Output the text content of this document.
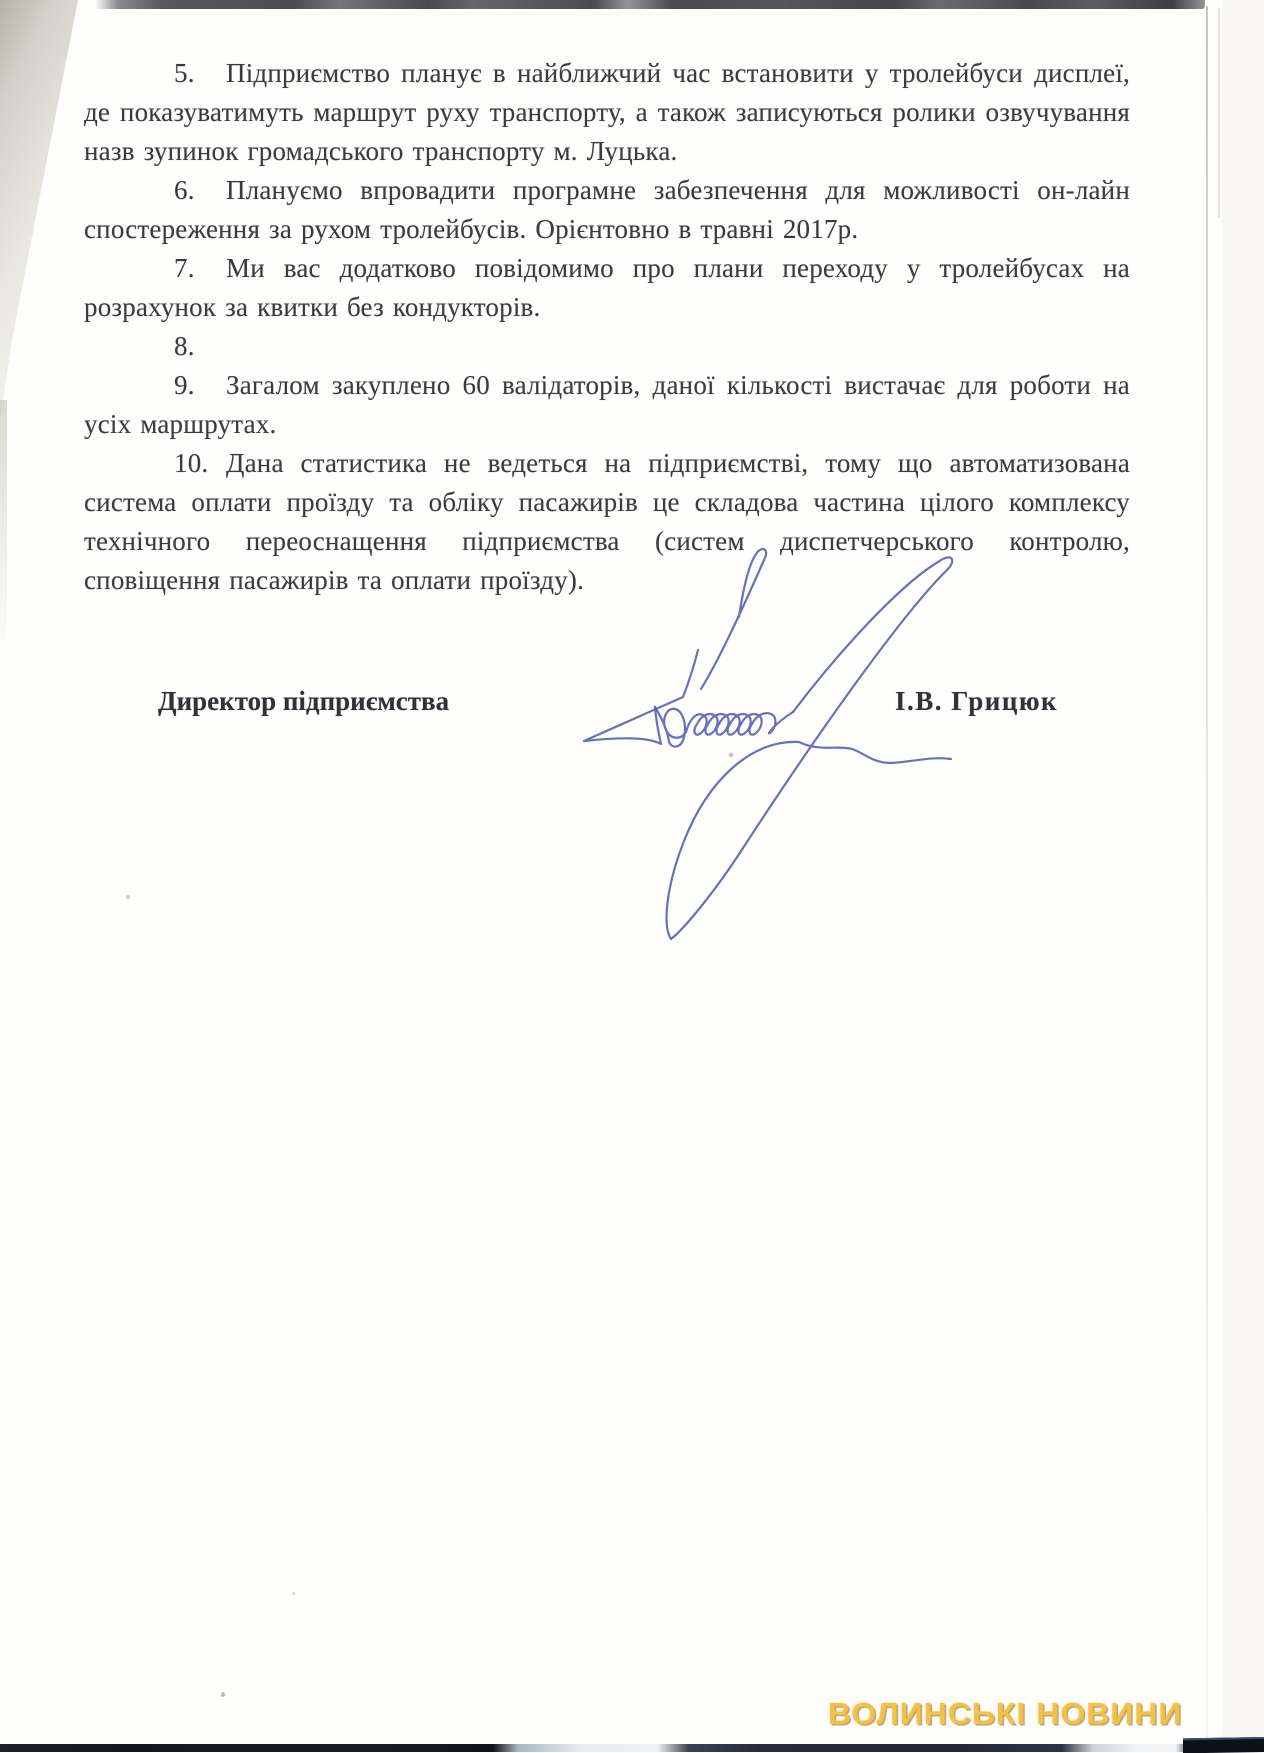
5. Підприємство планує в найближчий час встановити у тролейбуси дисплеї, де показуватимуть маршрут руху транспорту, а також записуються ролики озвучування назв зупинок громадського транспорту м. Луцька.

6. Плануємо впровадити програмне забезпечення для можливості он-лайн спостереження за рухом тролейбусів. Орієнтовно в травні 2017р.

7. Ми вас додатково повідомимо про плани переходу у тролейбусах на розрахунок за квитки без кондукторів.

8.

9. Загалом закуплено 60 валідаторів, даної кількості вистачає для роботи на усіх маршрутах.

10. Дана статистика не ведеться на підприємстві, тому що автоматизована система оплати проїзду та обліку пасажирів це складова частина цілого комплексу технічного переоснащення підприємства (систем диспетчерського контролю, сповіщення пасажирів та оплати проїзду).

Директор підприємства	І.В. Грицюк
ВОЛИНСЬКІ НОВИНИ
